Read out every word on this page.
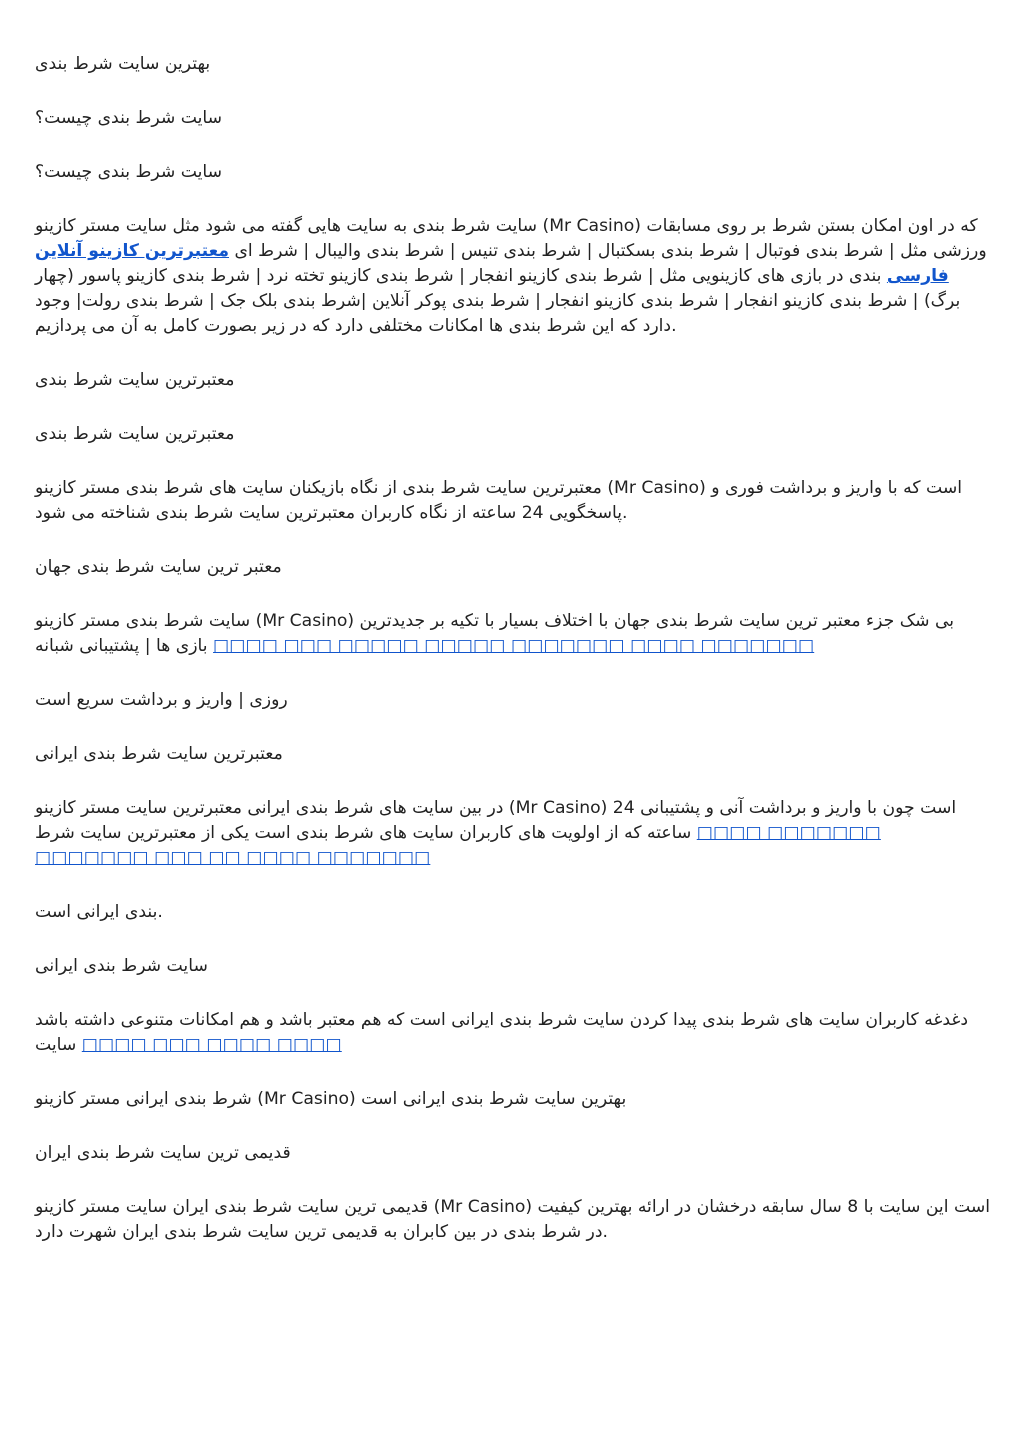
بهترین سایت شرط بندی

سایت شرط بندی چیست؟

سایت شرط بندی چیست؟

سایت شرط بندی به سایت هایی گفته می شود مثل سایت مستر کازینو (Mr Casino) که در اون امکان بستن شرط بر روی مسابقات ورزشی مثل | شرط بندی فوتبال | شرط بندی بسکتبال | شرط بندی تنیس | شرط بندی والیبال | شرط ای معتبرترین کازینو آنلاین فارسی بندی در بازی های کازینویی مثل | شرط بندی کازینو انفجار | شرط بندی کازینو تخته نرد | شرط بندی کازینو پاسور (چهار برگ) | شرط بندی کازینو انفجار | شرط بندی کازینو انفجار | شرط بندی پوکر آنلاین |شرط بندی بلک جک | شرط بندی رولت| وجود دارد که این شرط بندی ها امکانات مختلفی دارد که در زیر بصورت کامل به آن می پردازیم.

معتبرترین سایت شرط بندی

معتبرترین سایت شرط بندی

معتبرترین سایت شرط بندی از نگاه بازیکنان سایت های شرط بندی مستر کازینو (Mr Casino) است که با واریز و برداشت فوری و پاسخگویی 24 ساعته از نگاه کاربران معتبرترین سایت شرط بندی شناخته می شود.

معتبر ترین سایت شرط بندی جهان

سایت شرط بندی مستر کازینو (Mr Casino) بی شک جزء معتبر ترین سایت شرط بندی جهان با اختلاف بسیار با تکیه بر جدیدترین بازی ها | پشتیبانی شبانه □□□□ □□□ □□□□□ □□□□□ □□□□□□□ □□□□ □□□□□□□

روزی | واریز و برداشت سریع است

معتبرترین سایت شرط بندی ایرانی

در بین سایت های شرط بندی ایرانی معتبرترین سایت مستر کازینو (Mr Casino) است چون با واریز و برداشت آنی و پشتیبانی 24 ساعته که از اولویت های کاربران سایت های شرط بندی است یکی از معتبرترین سایت شرط □□□□ □□□□□□□ □□□□□□□ □□□ □□ □□□□ □□□□□□□

بندی ایرانی است.

سایت شرط بندی ایرانی

دغدغه کاربران سایت های شرط بندی پیدا کردن سایت شرط بندی ایرانی است که هم معتبر باشد و هم امکانات متنوعی داشته باشد سایت □□□□ □□□ □□□□ □□□□

شرط بندی ایرانی مستر کازینو (Mr Casino) بهترین سایت شرط بندی ایرانی است

قدیمی ترین سایت شرط بندی ایران

قدیمی ترین سایت شرط بندی ایران سایت مستر کازینو (Mr Casino) است این سایت با 8 سال سابقه درخشان در ارائه بهترین کیفیت در شرط بندی در بین کابران به قدیمی ترین سایت شرط بندی ایران شهرت دارد.
